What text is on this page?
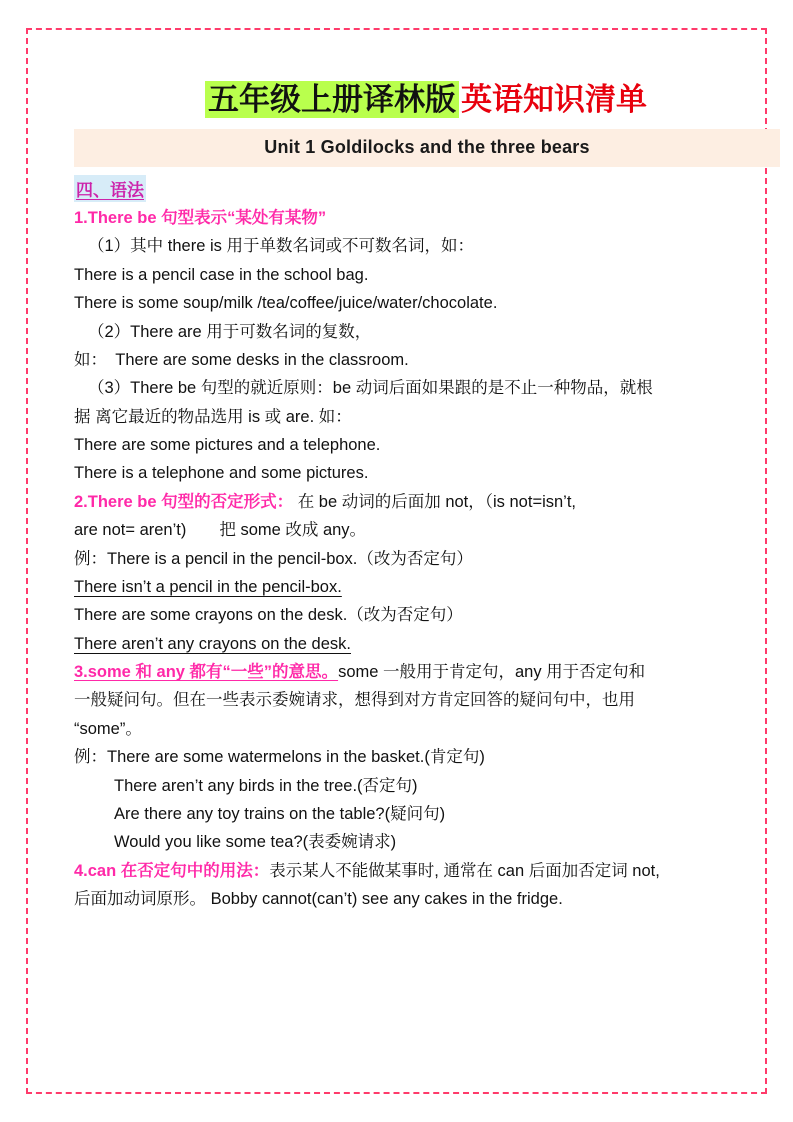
五年级上册译林版 英语知识清单
Unit 1 Goldilocks and the three bears
四、语法
1.There be 句型表示“某处有某物”
（1）其中 there is 用于单数名词或不可数名词，如：
There is a pencil case in the school bag.
There is some soup/milk /tea/coffee/juice/water/chocolate.
（2）There are 用于可数名词的复数，
如：　There are some desks in the classroom.
（3）There be 句型的就近原则：be 动词后面如果跟的是不止一种物品，就根
据 离它最近的物品选用 is 或 are. 如：
There are some pictures and a telephone.
There is a telephone and some pictures.
2.There be 句型的否定形式： 在 be 动词的后面加 not，（is not=isn’t,
are not= aren’t)　　把 some 改成 any。
例：There is a pencil in the pencil-box.（改为否定句）
There isn’t a pencil in the pencil-box.
There are some crayons on the desk.（改为否定句）
There aren’t any crayons on the desk.
3.some 和 any 都有“一些”的意思。some 一般用于肯定句，any 用于否定句和
一般疑问句。但在一些表示委婉请求，想得到对方肯定回答的疑问句中，也用
“some”。
例：There are some watermelons in the basket.(肯定句)
There aren’t any birds in the tree.(否定句)
Are there any toy trains on the table?(疑问句)
Would you like some tea?(表委婉请求)
4.can 在否定句中的用法：表示某人不能做某事时, 通常在 can 后面加否定词 not,
后面加动词原形。 Bobby cannot(can’t) see any cakes in the fridge.
